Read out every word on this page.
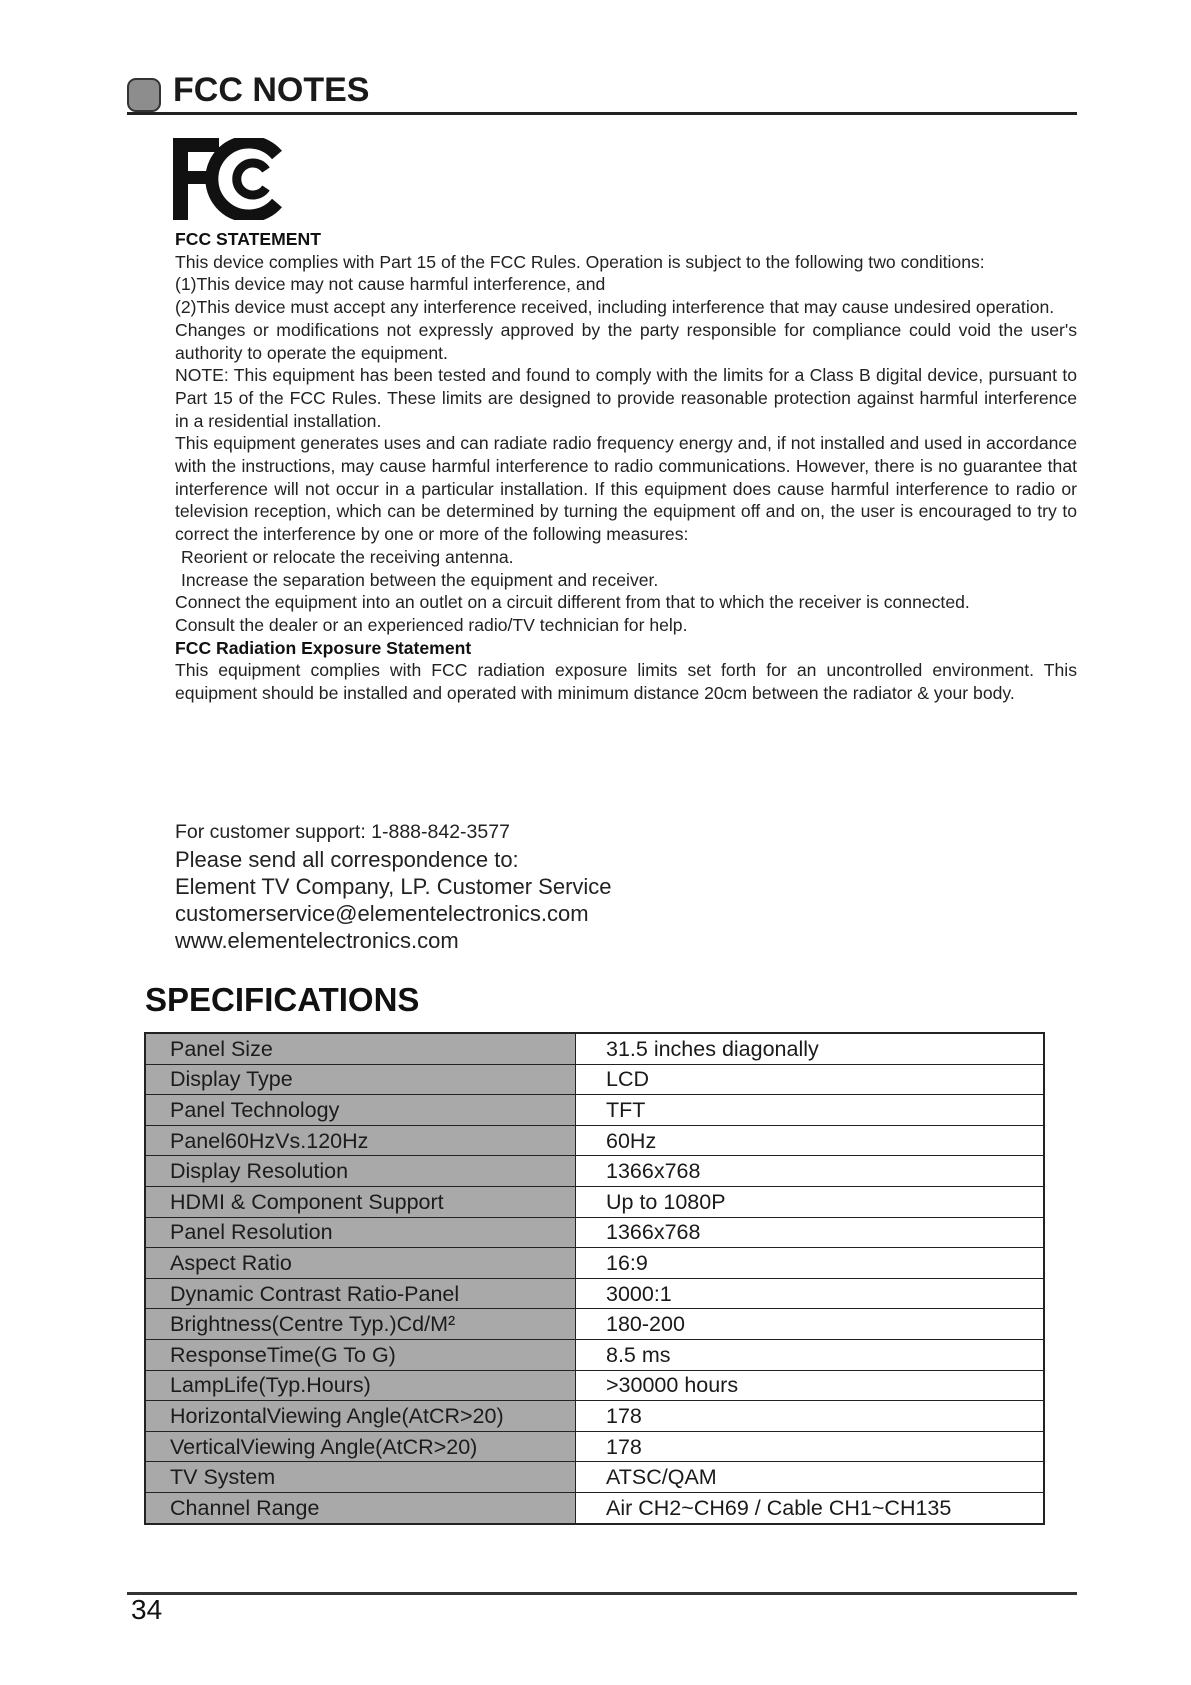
FCC NOTES

FCC STATEMENT

This device complies with Part 15 of the FCC Rules. Operation is subject to the following two conditions:

(1)This device may not cause harmful interference, and

(2)This device must accept any interference received, including interference that may cause undesired operation.

Changes or modifications not expressly approved by the party responsible for compliance could void the user's authority to operate the equipment.

NOTE: This equipment has been tested and found to comply with the limits for a Class B digital device, pursuant to Part 15 of the FCC Rules. These limits are designed to provide reasonable protection against harmful interference in a residential installation.

This equipment generates uses and can radiate radio frequency energy and, if not installed and used in accordance with the instructions, may cause harmful interference to radio communications. However, there is no guarantee that interference will not occur in a particular installation. If this equipment does cause harmful interference to radio or television reception, which can be determined by turning the equipment off and on, the user is encouraged to try to correct the interference by one or more of the following measures:

Reorient or relocate the receiving antenna.

Increase the separation between the equipment and receiver.

Connect the equipment into an outlet on a circuit different from that to which the receiver is connected.

Consult the dealer or an experienced radio/TV technician for help.

FCC Radiation Exposure Statement

This equipment complies with FCC radiation exposure limits set forth for an uncontrolled environment. This equipment should be installed and operated with minimum distance 20cm between the radiator & your body.

For customer support: 1-888-842-3577

Please send all correspondence to:

Element TV Company, LP. Customer Service

customerservice@elementelectronics.com

www.elementelectronics.com

SPECIFICATIONS
Panel Size	31.5 inches diagonally
Display Type	LCD
Panel Technology	TFT
Panel60HzVs.120Hz	60Hz
Display Resolution	1366x768
HDMI & Component Support	Up to 1080P
Panel Resolution	1366x768
Aspect Ratio	16:9
Dynamic Contrast Ratio-Panel	3000:1
Brightness(Centre Typ.)Cd/M²	180-200
ResponseTime(G To G)	8.5 ms
LampLife(Typ.Hours)	>30000 hours
HorizontalViewing Angle(AtCR>20)	178
VerticalViewing Angle(AtCR>20)	178
TV System	ATSC/QAM
Channel Range	Air CH2~CH69 / Cable CH1~CH135
34
